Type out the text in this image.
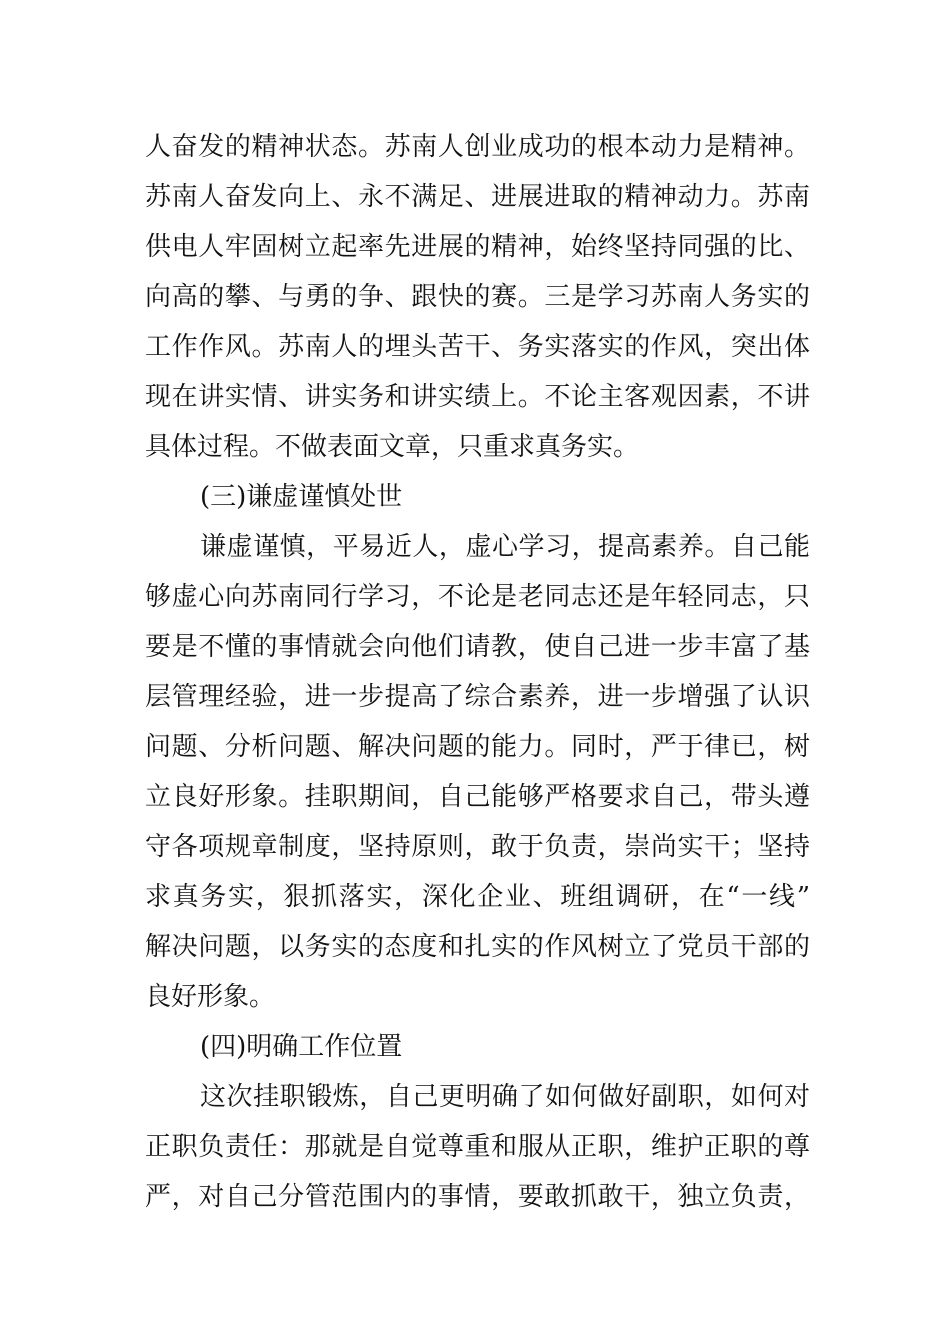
人奋发的精神状态。苏南人创业成功的根本动力是精神。
苏南人奋发向上、永不满足、进展进取的精神动力。苏南
供电人牢固树立起率先进展的精神，始终坚持同强的比、
向高的攀、与勇的争、跟快的赛。三是学习苏南人务实的
工作作风。苏南人的埋头苦干、务实落实的作风，突出体
现在讲实情、讲实务和讲实绩上。不论主客观因素，不讲
具体过程。不做表面文章，只重求真务实。
(三)谦虚谨慎处世
谦虚谨慎，平易近人，虚心学习，提高素养。自己能
够虚心向苏南同行学习，不论是老同志还是年轻同志，只
要是不懂的事情就会向他们请教，使自己进一步丰富了基
层管理经验，进一步提高了综合素养，进一步增强了认识
问题、分析问题、解决问题的能力。同时，严于律已，树
立良好形象。挂职期间，自己能够严格要求自己，带头遵
守各项规章制度，坚持原则，敢于负责，崇尚实干；坚持
求真务实，狠抓落实，深化企业、班组调研，在“一线”
解决问题，以务实的态度和扎实的作风树立了党员干部的
良好形象。
(四)明确工作位置
这次挂职锻炼，自己更明确了如何做好副职，如何对
正职负责任：那就是自觉尊重和服从正职，维护正职的尊
严，对自己分管范围内的事情，要敢抓敢干，独立负责，
